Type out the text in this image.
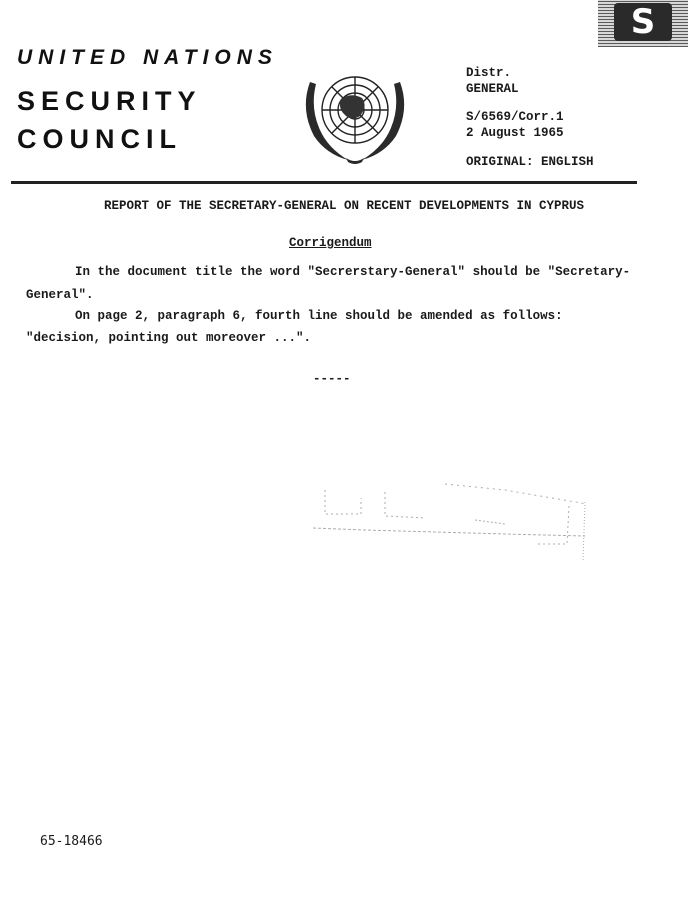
UNITED NATIONS
SECURITY
COUNCIL
Distr.
GENERAL
S/6569/Corr.1
2 August 1965
ORIGINAL: ENGLISH
S
REPORT OF THE SECRETARY-GENERAL ON RECENT DEVELOPMENTS IN CYPRUS
Corrigendum
In the document title the word "Secrerstary-General" should be "Secretary-
General".
On page 2, paragraph 6, fourth line should be amended as follows:
"decision, pointing out moreover ...".
-----
65-18466
